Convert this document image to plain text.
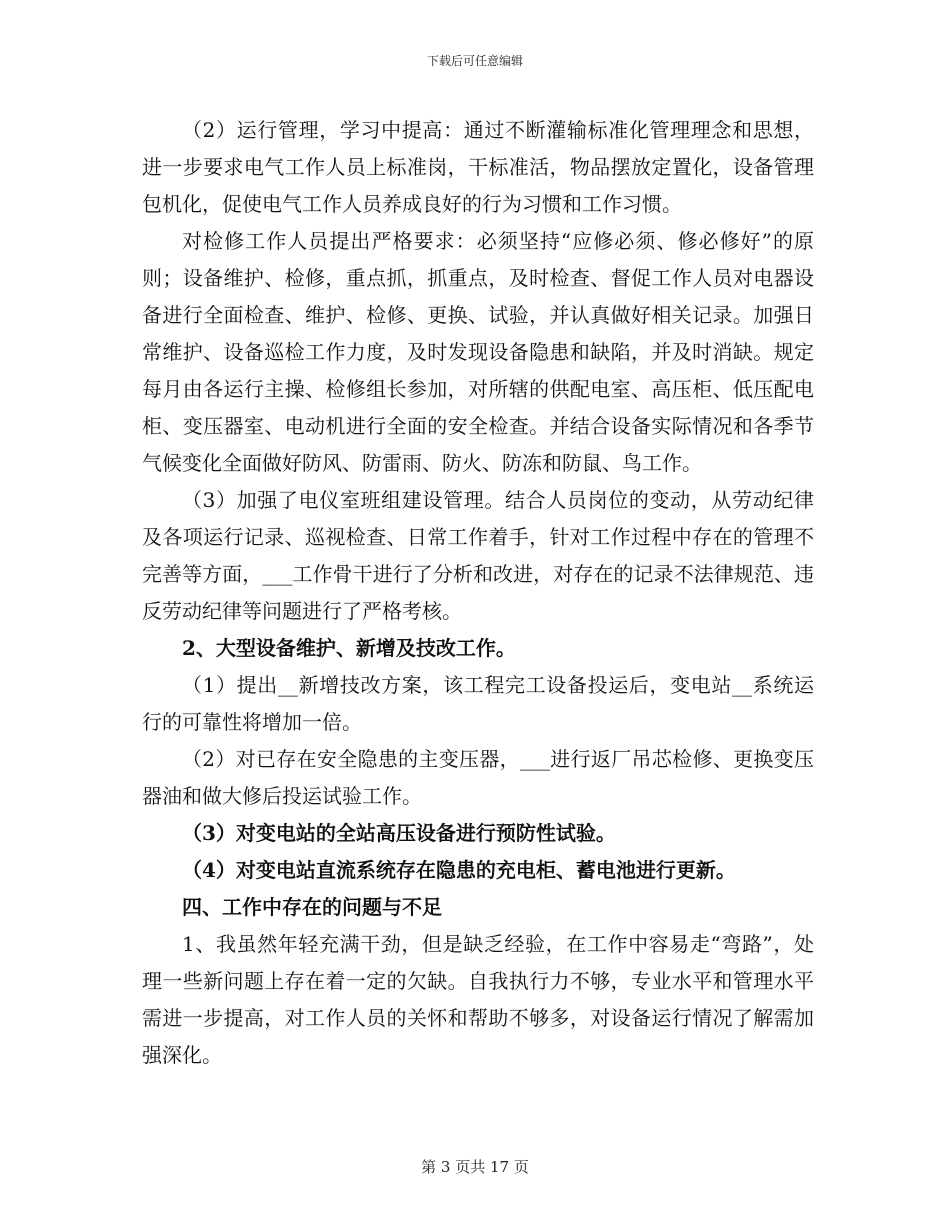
下载后可任意编辑

（2）运行管理，学习中提高：通过不断灌输标准化管理理念和思想，进一步要求电气工作人员上标准岗，干标准活，物品摆放定置化，设备管理包机化，促使电气工作人员养成良好的行为习惯和工作习惯。

对检修工作人员提出严格要求：必须坚持“应修必须、修必修好”的原则；设备维护、检修，重点抓，抓重点，及时检查、督促工作人员对电器设备进行全面检查、维护、检修、更换、试验，并认真做好相关记录。加强日常维护、设备巡检工作力度，及时发现设备隐患和缺陷，并及时消缺。规定每月由各运行主操、检修组长参加，对所辖的供配电室、高压柜、低压配电柜、变压器室、电动机进行全面的安全检查。并结合设备实际情况和各季节气候变化全面做好防风、防雷雨、防火、防冻和防鼠、鸟工作。

（3）加强了电仪室班组建设管理。结合人员岗位的变动，从劳动纪律及各项运行记录、巡视检查、日常工作着手，针对工作过程中存在的管理不完善等方面，___工作骨干进行了分析和改进，对存在的记录不法律规范、违反劳动纪律等问题进行了严格考核。

2、大型设备维护、新增及技改工作。

（1）提出__新增技改方案，该工程完工设备投运后，变电站__系统运行的可靠性将增加一倍。

（2）对已存在安全隐患的主变压器，___进行返厂吊芯检修、更换变压器油和做大修后投运试验工作。

（3）对变电站的全站高压设备进行预防性试验。

（4）对变电站直流系统存在隐患的充电柜、蓄电池进行更新。

四、工作中存在的问题与不足

1、我虽然年轻充满干劲，但是缺乏经验，在工作中容易走“弯路”，处理一些新问题上存在着一定的欠缺。自我执行力不够，专业水平和管理水平需进一步提高，对工作人员的关怀和帮助不够多，对设备运行情况了解需加强深化。

第 3 页共 17 页
